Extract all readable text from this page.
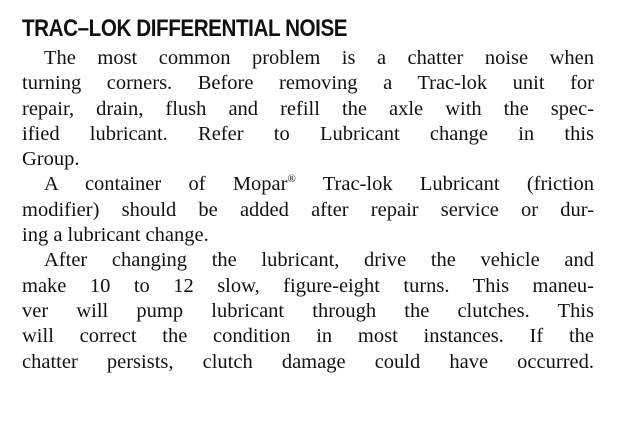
TRAC–LOK DIFFERENTIAL NOISE

The most common problem is a chatter noise when
turning corners. Before removing a Trac-lok unit for
repair, drain, flush and refill the axle with the spec-
ified lubricant. Refer to Lubricant change in this
Group.

A container of Mopar® Trac-lok Lubricant (friction
modifier) should be added after repair service or dur-
ing a lubricant change.

After changing the lubricant, drive the vehicle and
make 10 to 12 slow, figure-eight turns. This maneu-
ver will pump lubricant through the clutches. This
will correct the condition in most instances. If the
chatter persists, clutch damage could have occurred.
